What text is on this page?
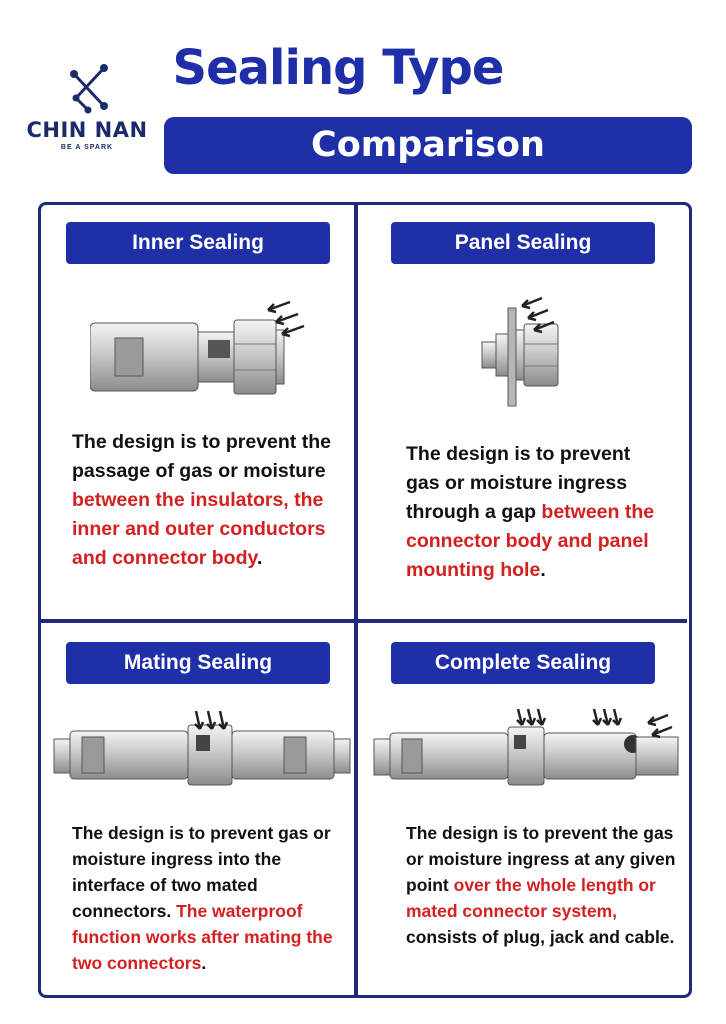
CHIN NAN
BE A SPARK
Sealing Type
Comparison
Inner Sealing
The design is to prevent the passage of gas or moisture between the insulators, the inner and outer conductors and connector body.
Panel Sealing
The design is to prevent gas or moisture ingress through a gap between the connector body and panel mounting hole.
Mating Sealing
The design is to prevent gas or moisture ingress into the interface of two mated connectors. The waterproof function works after mating the two connectors.
Complete Sealing
The design is to prevent the gas or moisture ingress at any given point over the whole length or mated connector system, consists of plug, jack and cable.
